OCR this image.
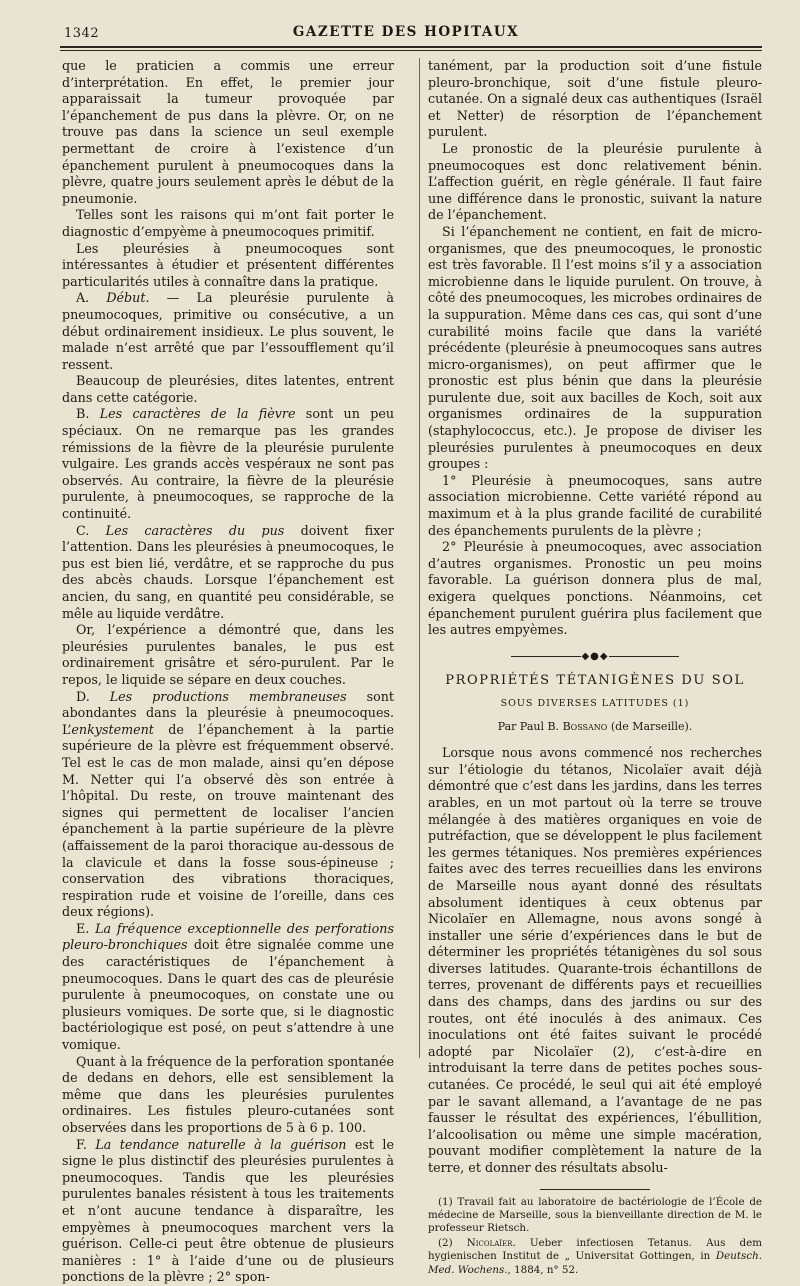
1342	GAZETTE DES HOPITAUX

que le praticien a commis une erreur d’interprétation. En effet, le premier jour apparaissait la tumeur provoquée par l’épanchement de pus dans la plèvre. Or, on ne trouve pas dans la science un seul exemple permettant de croire à l’existence d’un épanchement purulent à pneumocoques dans la plèvre, quatre jours seulement après le début de la pneumonie.

Telles sont les raisons qui m’ont fait porter le diagnostic d’empyème à pneumocoques primitif.

Les pleurésies à pneumocoques sont intéressantes à étudier et présentent différentes particularités utiles à connaître dans la pratique.

A. Début. — La pleurésie purulente à pneumocoques, primitive ou consécutive, a un début ordinairement insidieux. Le plus souvent, le malade n’est arrêté que par l’essoufflement qu’il ressent.

Beaucoup de pleurésies, dites latentes, entrent dans cette catégorie.

B. Les caractères de la fièvre sont un peu spéciaux. On ne remarque pas les grandes rémissions de la fièvre de la pleurésie purulente vulgaire. Les grands accès vespéraux ne sont pas observés. Au contraire, la fièvre de la pleurésie purulente, à pneumocoques, se rapproche de la continuité.

C. Les caractères du pus doivent fixer l’attention. Dans les pleurésies à pneumocoques, le pus est bien lié, verdâtre, et se rapproche du pus des abcès chauds. Lorsque l’épanchement est ancien, du sang, en quantité peu considérable, se mêle au liquide verdâtre.

Or, l’expérience a démontré que, dans les pleurésies purulentes banales, le pus est ordinairement grisâtre et séro-purulent. Par le repos, le liquide se sépare en deux couches.

D. Les productions membraneuses sont abondantes dans la pleurésie à pneumocoques. L’enkystement de l’épanchement à la partie supérieure de la plèvre est fréquemment observé. Tel est le cas de mon malade, ainsi qu’en dépose M. Netter qui l’a observé dès son entrée à l’hôpital. Du reste, on trouve maintenant des signes qui permettent de localiser l’ancien épanchement à la partie supérieure de la plèvre (affaissement de la paroi thoracique au-dessous de la clavicule et dans la fosse sous-épineuse ; conservation des vibrations thoraciques, respiration rude et voisine de l’oreille, dans ces deux régions).

E. La fréquence exceptionnelle des perforations pleuro-bronchiques doit être signalée comme une des caractéristiques de l’épanchement à pneumocoques. Dans le quart des cas de pleurésie purulente à pneumocoques, on constate une ou plusieurs vomiques. De sorte que, si le diagnostic bactériologique est posé, on peut s’attendre à une vomique.

Quant à la fréquence de la perforation spontanée de dedans en dehors, elle est sensiblement la même que dans les pleurésies purulentes ordinaires. Les fistules pleuro-cutanées sont observées dans les proportions de 5 à 6 p. 100.

F. La tendance naturelle à la guérison est le signe le plus distinctif des pleurésies purulentes à pneumocoques. Tandis que les pleurésies purulentes banales résistent à tous les traitements et n’ont aucune tendance à disparaître, les empyèmes à pneumocoques marchent vers la guérison. Celle-ci peut être obtenue de plusieurs manières : 1° à l’aide d’une ou de plusieurs ponctions de la plèvre ; 2° spon-

tanément, par la production soit d’une fistule pleuro-bronchique, soit d’une fistule pleuro-cutanée. On a signalé deux cas authentiques (Israël et Netter) de résorption de l’épanchement purulent.

Le pronostic de la pleurésie purulente à pneumocoques est donc relativement bénin. L’affection guérit, en règle générale. Il faut faire une différence dans le pronostic, suivant la nature de l’épanchement.

Si l’épanchement ne contient, en fait de micro-organismes, que des pneumocoques, le pronostic est très favorable. Il l’est moins s’il y a association microbienne dans le liquide purulent. On trouve, à côté des pneumocoques, les microbes ordinaires de la suppuration. Même dans ces cas, qui sont d’une curabilité moins facile que dans la variété précédente (pleurésie à pneumocoques sans autres micro-organismes), on peut affirmer que le pronostic est plus bénin que dans la pleurésie purulente due, soit aux bacilles de Koch, soit aux organismes ordinaires de la suppuration (staphylococcus, etc.). Je propose de diviser les pleurésies purulentes à pneumocoques en deux groupes :

1° Pleurésie à pneumocoques, sans autre association microbienne. Cette variété répond au maximum et à la plus grande facilité de curabilité des épanchements purulents de la plèvre ;

2° Pleurésie à pneumocoques, avec association d’autres organismes. Pronostic un peu moins favorable. La guérison donnera plus de mal, exigera quelques ponctions. Néanmoins, cet épanchement purulent guérira plus facilement que les autres empyèmes.

◆●◆
PROPRIÉTÉS TÉTANIGÈNES DU SOL
SOUS DIVERSES LATITUDES (1)
Par Paul B. Bossano (de Marseille).

Lorsque nous avons commencé nos recherches sur l’étiologie du tétanos, Nicolaïer avait déjà démontré que c’est dans les jardins, dans les terres arables, en un mot partout où la terre se trouve mélangée à des matières organiques en voie de putréfaction, que se développent le plus facilement les germes tétaniques. Nos premières expériences faites avec des terres recueillies dans les environs de Marseille nous ayant donné des résultats absolument identiques à ceux obtenus par Nicolaïer en Allemagne, nous avons songé à installer une série d’expériences dans le but de déterminer les propriétés tétanigènes du sol sous diverses latitudes. Quarante-trois échantillons de terres, provenant de différents pays et recueillies dans des champs, dans des jardins ou sur des routes, ont été inoculés à des animaux. Ces inoculations ont été faites suivant le procédé adopté par Nicolaïer (2), c’est-à-dire en introduisant la terre dans de petites poches sous-cutanées. Ce procédé, le seul qui ait été employé par le savant allemand, a l’avantage de ne pas fausser le résultat des expériences, l’ébullition, l’alcoolisation ou même une simple macération, pouvant modifier complètement la nature de la terre, et donner des résultats absolu-

(1) Travail fait au laboratoire de bactériologie de l’École de médecine de Marseille, sous la bienveillante direction de M. le professeur Rietsch.

(2) Nicolaïer. Ueber infectiosen Tetanus. Aus dem hygienischen Institut de „ Universitat Gottingen, in Deutsch. Med. Wochens., 1884, n° 52.
